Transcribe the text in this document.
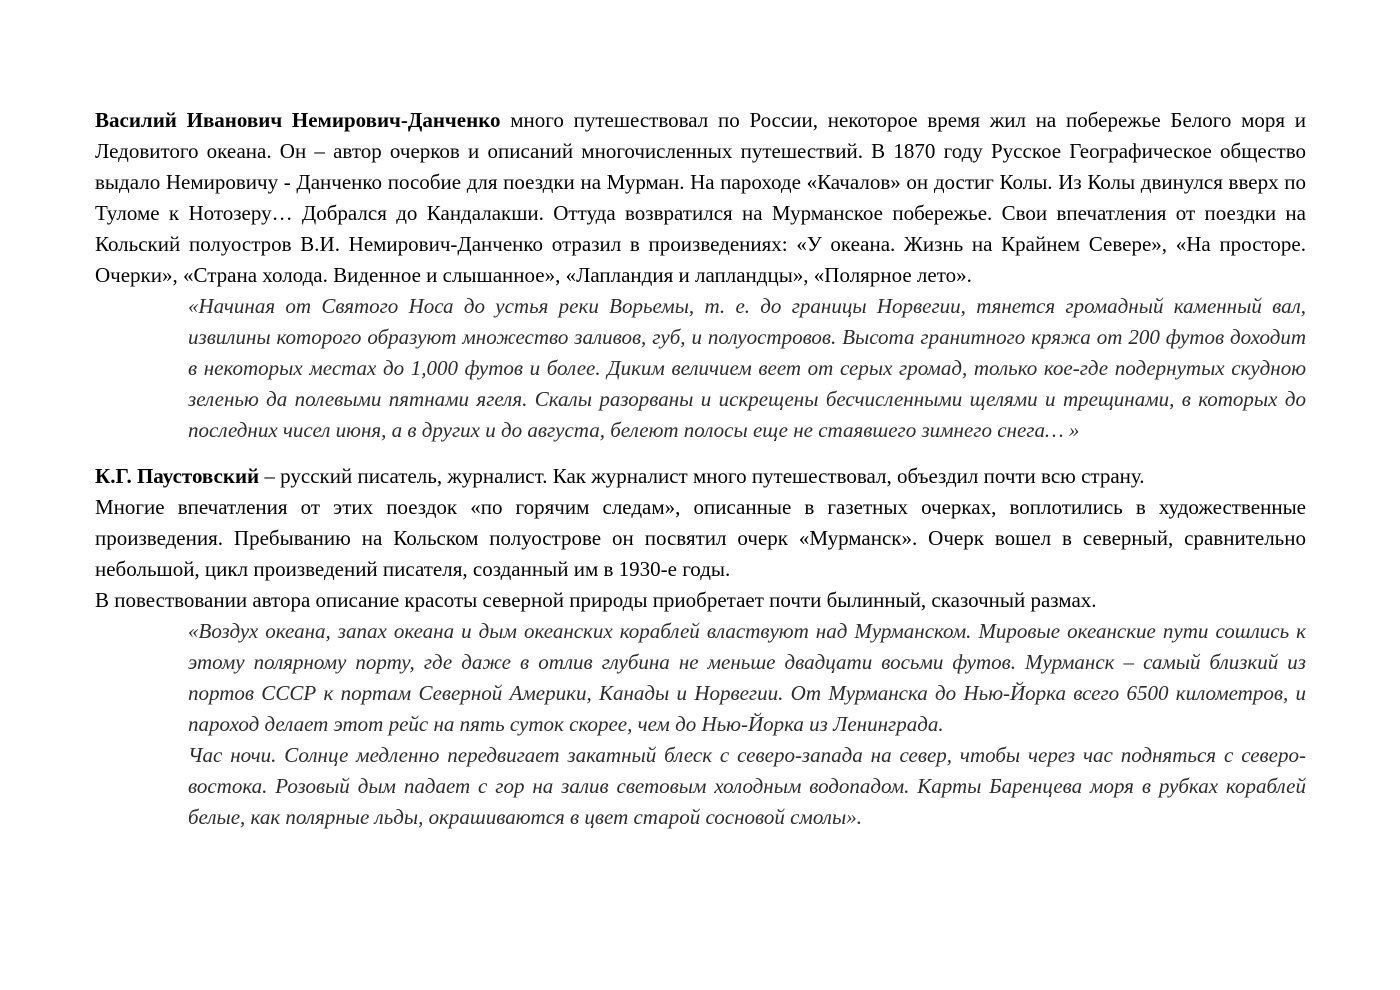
Василий Иванович Немирович-Данченко много путешествовал по России, некоторое время жил на побережье Белого моря и Ледовитого океана. Он – автор очерков и описаний многочисленных путешествий. В 1870 году Русское Географическое общество выдало Немировичу - Данченко пособие для поездки на Мурман. На пароходе «Качалов» он достиг Колы. Из Колы двинулся вверх по Туломе к Нотозеру… Добрался до Кандалакши. Оттуда возвратился на Мурманское побережье. Свои впечатления от поездки на Кольский полуостров В.И. Немирович-Данченко отразил в произведениях: «У океана. Жизнь на Крайнем Севере», «На просторе. Очерки», «Страна холода. Виденное и слышанное», «Лапландия и лапландцы», «Полярное лето».

«Начиная от Святого Носа до устья реки Ворьемы, т. е. до границы Норвегии, тянется громадный каменный вал, извилины которого образуют множество заливов, губ, и полуостровов. Высота гранитного кряжа от 200 футов доходит в некоторых местах до 1,000 футов и более. Диким величием веет от серых громад, только кое-где подернутых скудною зеленью да полевыми пятнами ягеля. Скалы разорваны и искрещены бесчисленными щелями и трещинами, в которых до последних чисел июня, а в других и до августа, белеют полосы еще не стаявшего зимнего снега… »

К.Г. Паустовский – русский писатель, журналист. Как журналист много путешествовал, объездил почти всю страну.

Многие впечатления от этих поездок «по горячим следам», описанные в газетных очерках, воплотились в художественные произведения. Пребыванию на Кольском полуострове он посвятил очерк «Мурманск». Очерк вошел в северный, сравнительно небольшой, цикл произведений писателя, созданный им в 1930-е годы.

В повествовании автора описание красоты северной природы приобретает почти былинный, сказочный размах.

«Воздух океана, запах океана и дым океанских кораблей властвуют над Мурманском. Мировые океанские пути сошлись к этому полярному порту, где даже в отлив глубина не меньше двадцати восьми футов. Мурманск – самый близкий из портов СССР к портам Северной Америки, Канады и Норвегии. От Мурманска до Нью-Йорка всего 6500 километров, и пароход делает этот рейс на пять суток скорее, чем до Нью-Йорка из Ленинграда.

Час ночи. Солнце медленно передвигает закатный блеск с северо-запада на север, чтобы через час подняться с северо-востока. Розовый дым падает с гор на залив световым холодным водопадом. Карты Баренцева моря в рубках кораблей белые, как полярные льды, окрашиваются в цвет старой сосновой смолы».
